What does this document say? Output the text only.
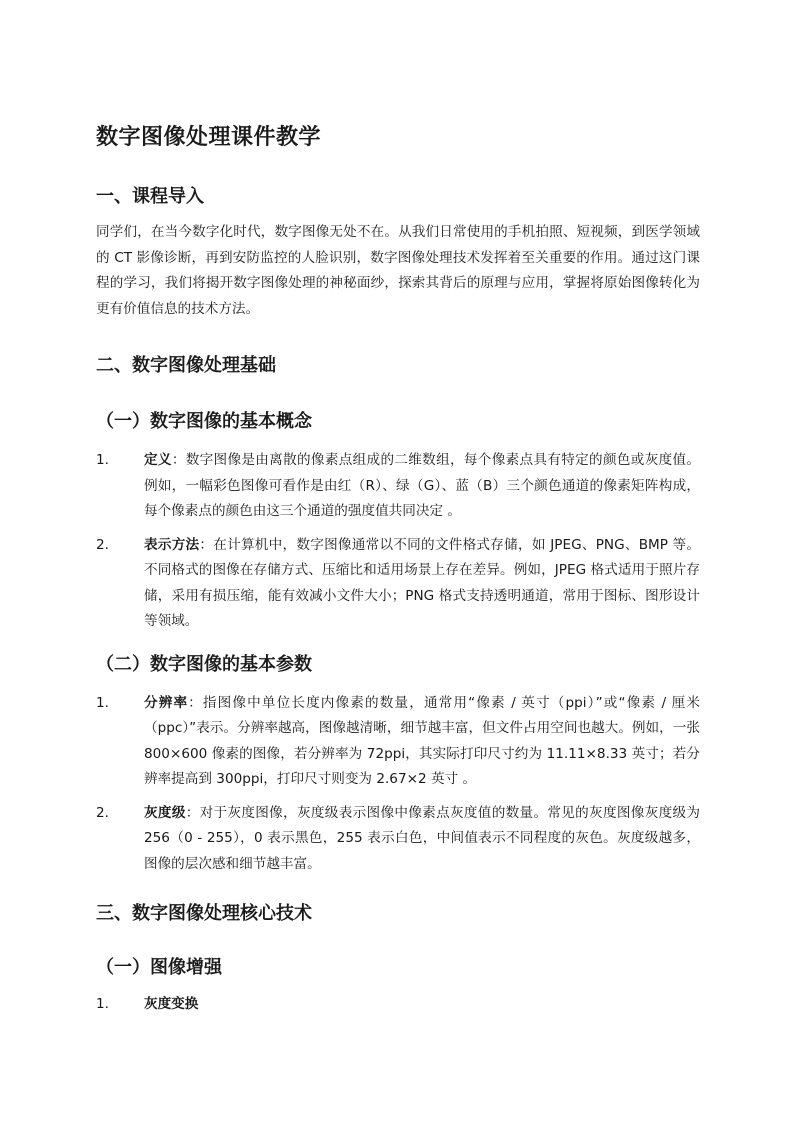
数字图像处理课件教学
一、课程导入

同学们，在当今数字化时代，数字图像无处不在。从我们日常使用的手机拍照、短视频，到医学领域的 CT 影像诊断，再到安防监控的人脸识别，数字图像处理技术发挥着至关重要的作用。通过这门课程的学习，我们将揭开数字图像处理的神秘面纱，探索其背后的原理与应用，掌握将原始图像转化为更有价值信息的技术方法。

二、数字图像处理基础
（一）数字图像的基本概念
1.	定义：数字图像是由离散的像素点组成的二维数组，每个像素点具有特定的颜色或灰度值。例如，一幅彩色图像可看作是由红（R）、绿（G）、蓝（B）三个颜色通道的像素矩阵构成，每个像素点的颜色由这三个通道的强度值共同决定 。
2.	表示方法：在计算机中，数字图像通常以不同的文件格式存储，如 JPEG、PNG、BMP 等。不同格式的图像在存储方式、压缩比和适用场景上存在差异。例如，JPEG 格式适用于照片存储，采用有损压缩，能有效减小文件大小；PNG 格式支持透明通道，常用于图标、图形设计等领域。
（二）数字图像的基本参数
1.	分辨率：指图像中单位长度内像素的数量，通常用“像素 / 英寸（ppi）”或“像素 / 厘米（ppc）”表示。分辨率越高，图像越清晰，细节越丰富，但文件占用空间也越大。例如，一张 800×600 像素的图像，若分辨率为 72ppi，其实际打印尺寸约为 11.11×8.33 英寸；若分辨率提高到 300ppi，打印尺寸则变为 2.67×2 英寸 。
2.	灰度级：对于灰度图像，灰度级表示图像中像素点灰度值的数量。常见的灰度图像灰度级为 256（0 - 255），0 表示黑色，255 表示白色，中间值表示不同程度的灰色。灰度级越多，图像的层次感和细节越丰富。
三、数字图像处理核心技术
（一）图像增强
1.	灰度变换
